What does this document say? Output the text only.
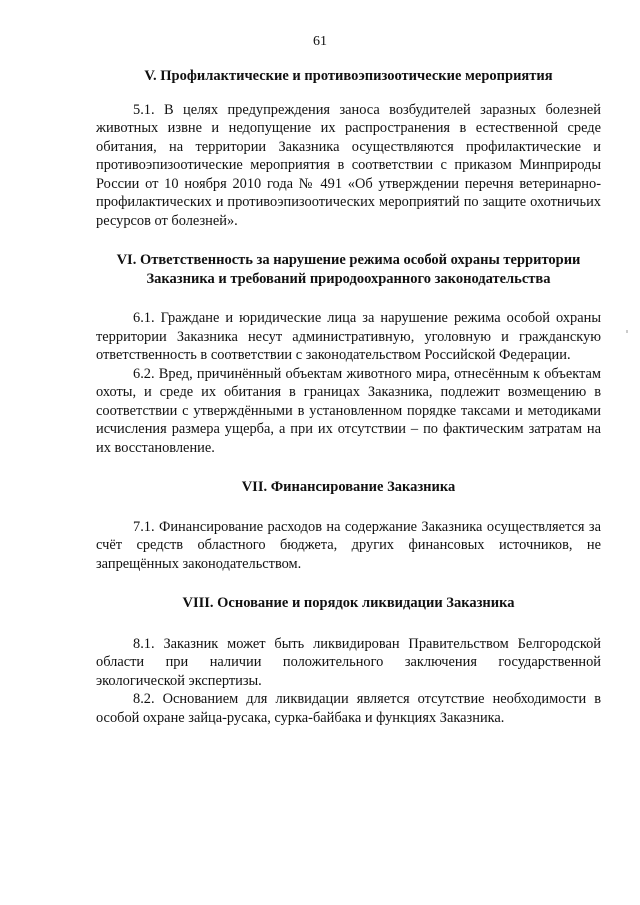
61
V. Профилактические и противоэпизоотические мероприятия

5.1. В целях предупреждения заноса возбудителей заразных болезней животных извне и недопущение их распространения в естественной среде обитания, на территории Заказника осуществляются профилактические и противоэпизоотические мероприятия в соответствии с приказом Минприроды России от 10 ноября 2010 года № 491 «Об утверждении перечня ветеринарно-профилактических и противоэпизоотических мероприятий по защите охотничьих ресурсов от болезней».

VI. Ответственность за нарушение режима особой охраны территории
Заказника и требований природоохранного законодательства

6.1. Граждане и юридические лица за нарушение режима особой охраны территории Заказника несут административную, уголовную и гражданскую ответственность в соответствии с законодательством Российской Федерации.

6.2. Вред, причинённый объектам животного мира, отнесённым к объектам охоты, и среде их обитания в границах Заказника, подлежит возмещению в соответствии с утверждёнными в установленном порядке таксами и методиками исчисления размера ущерба, а при их отсутствии – по фактическим затратам на их восстановление.

VII. Финансирование Заказника

7.1. Финансирование расходов на содержание Заказника осуществляется за счёт средств областного бюджета, других финансовых источников, не запрещённых законодательством.

VIII. Основание и порядок ликвидации Заказника

8.1. Заказник может быть ликвидирован Правительством Белгородской области при наличии положительного заключения государственной экологической экспертизы.

8.2. Основанием для ликвидации является отсутствие необходимости в особой охране зайца-русака, сурка-байбака и функциях Заказника.
